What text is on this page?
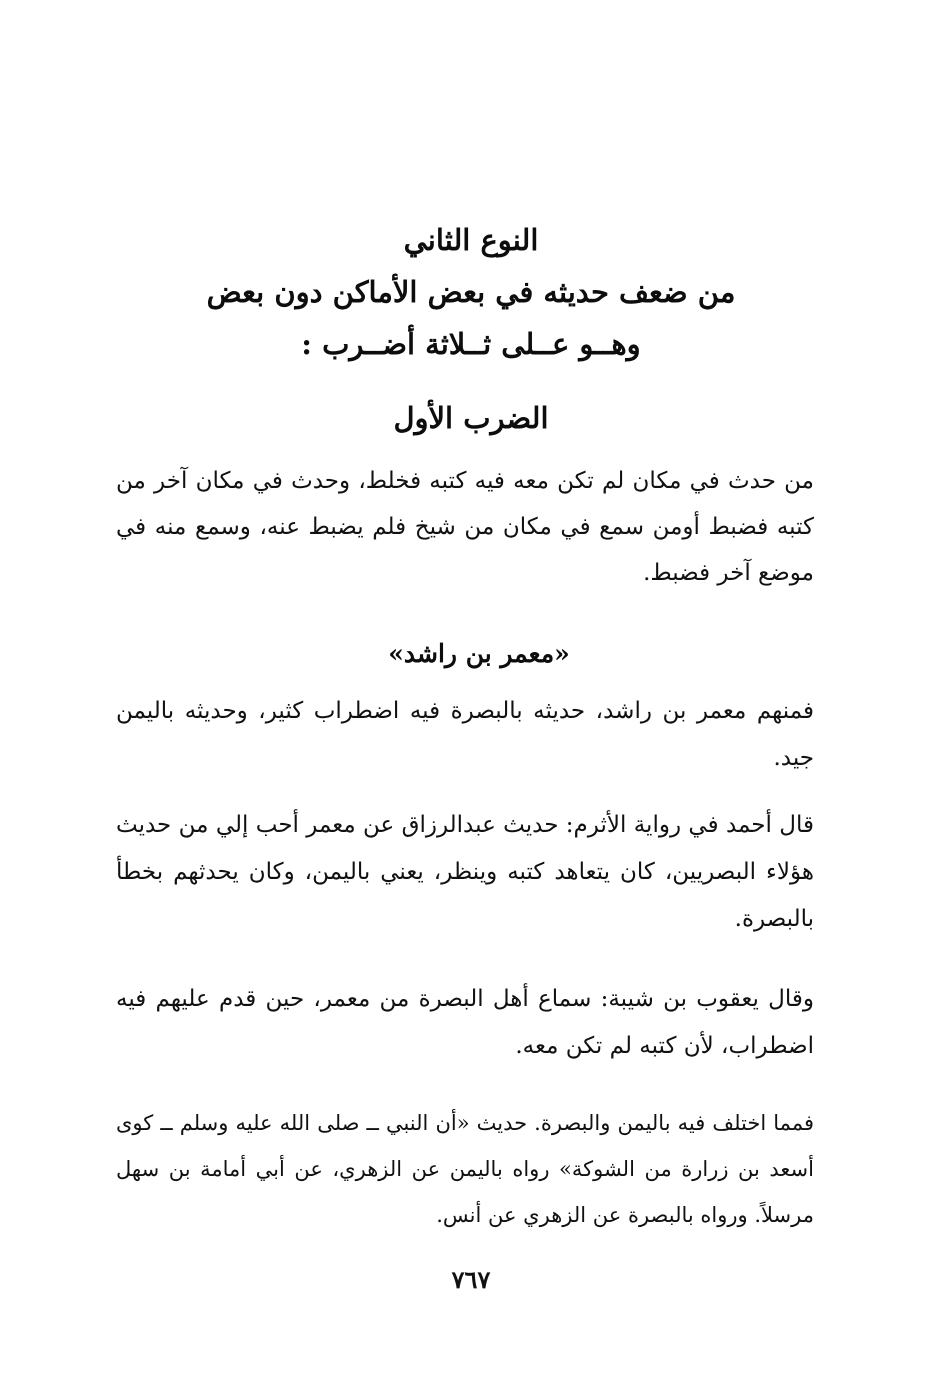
النوع الثاني
من ضعف حديثه في بعض الأماكن دون بعض
وهــو عــلى ثــلاثة أضــرب :
الضرب الأول
من حدث في مكان لم تكن معه فيه كتبه فخلط، وحدث في مكان آخر من كتبه فضبط أومن سمع في مكان من شيخ فلم يضبط عنه، وسمع منه في موضع آخر فضبط.
«معمر بن راشد»
فمنهم معمر بن راشد، حديثه بالبصرة فيه اضطراب كثير، وحديثه باليمن جيد.
قال أحمد في رواية الأثرم: حديث عبدالرزاق عن معمر أحب إلي من حديث هؤلاء البصريين، كان يتعاهد كتبه وينظر، يعني باليمن، وكان يحدثهم بخطأ بالبصرة.
وقال يعقوب بن شيبة: سماع أهل البصرة من معمر، حين قدم عليهم فيه اضطراب، لأن كتبه لم تكن معه.
فمما اختلف فيه باليمن والبصرة. حديث «أن النبي ــ صلى الله عليه وسلم ــ كوى أسعد بن زرارة من الشوكة» رواه باليمن عن الزهري، عن أبي أمامة بن سهل مرسلاً. ورواه بالبصرة عن الزهري عن أنس.
٧٦٧
